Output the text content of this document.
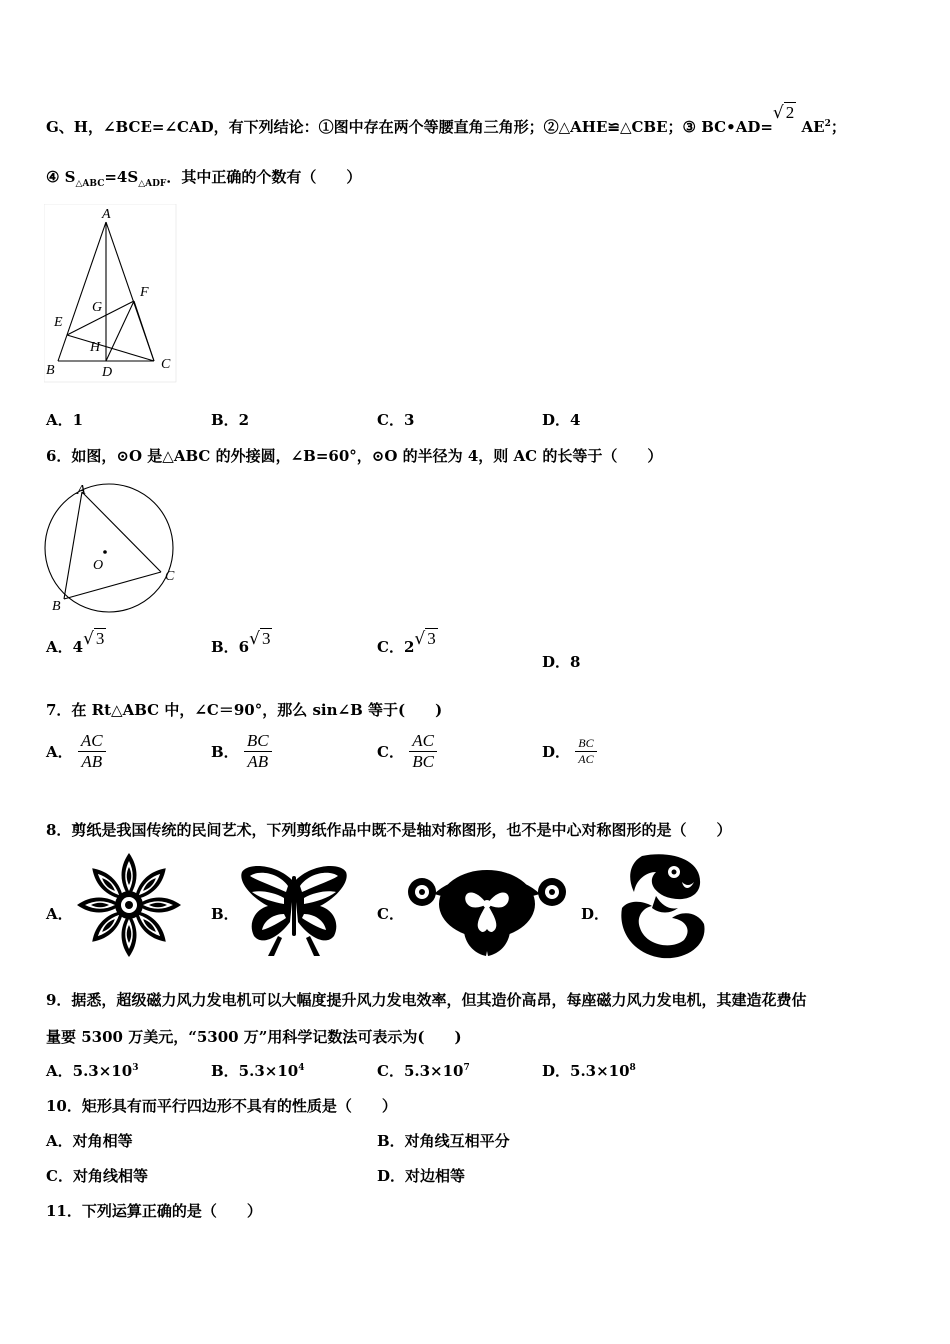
G、H，∠BCE=∠CAD，有下列结论：①图中存在两个等腰直角三角形；②△AHE≌△CBE；③ BC•AD=√ 2 $AE^2$；
④ $S_{\triangle ABC}=4S_{\triangle ADF}$．其中正确的个数有（　　）
A
B	C
D
E
F
G
H
A．1	B．2	C．3	D．4
6．如图，⊙O 是△ABC 的外接圆，∠B=60°，⊙O 的半径为 4，则 AC 的长等于（　　）
A
B
C
O
A．4√ 3	B．6√ 3	C．2√ 3
D．8
7．在 Rt△ABC 中，∠C＝90°，那么 sin∠B 等于(　　)
A． $\frac{AC}{AB}$	B． $\frac{BC}{AB}$	C． $\frac{AC}{BC}$	D． $\frac{BC}{AC}$
8．剪纸是我国传统的民间艺术，下列剪纸作品中既不是轴对称图形，也不是中心对称图形的是（　　）
A．	B．	C．	D．
9．据悉，超级磁力风力发电机可以大幅度提升风力发电效率，但其造价高昂，每座磁力风力发电机，其建造花费估
量要 5300 万美元，“5300 万”用科学记数法可表示为(　　)
A．$5.3\times 10^3$	B．$5.3\times 10^4$	C．$5.3\times 10^7$	D．$5.3\times 10^8$
10．矩形具有而平行四边形不具有的性质是（　　）
A．对角相等	B．对角线互相平分
C．对角线相等	D．对边相等
11．下列运算正确的是（　　）
